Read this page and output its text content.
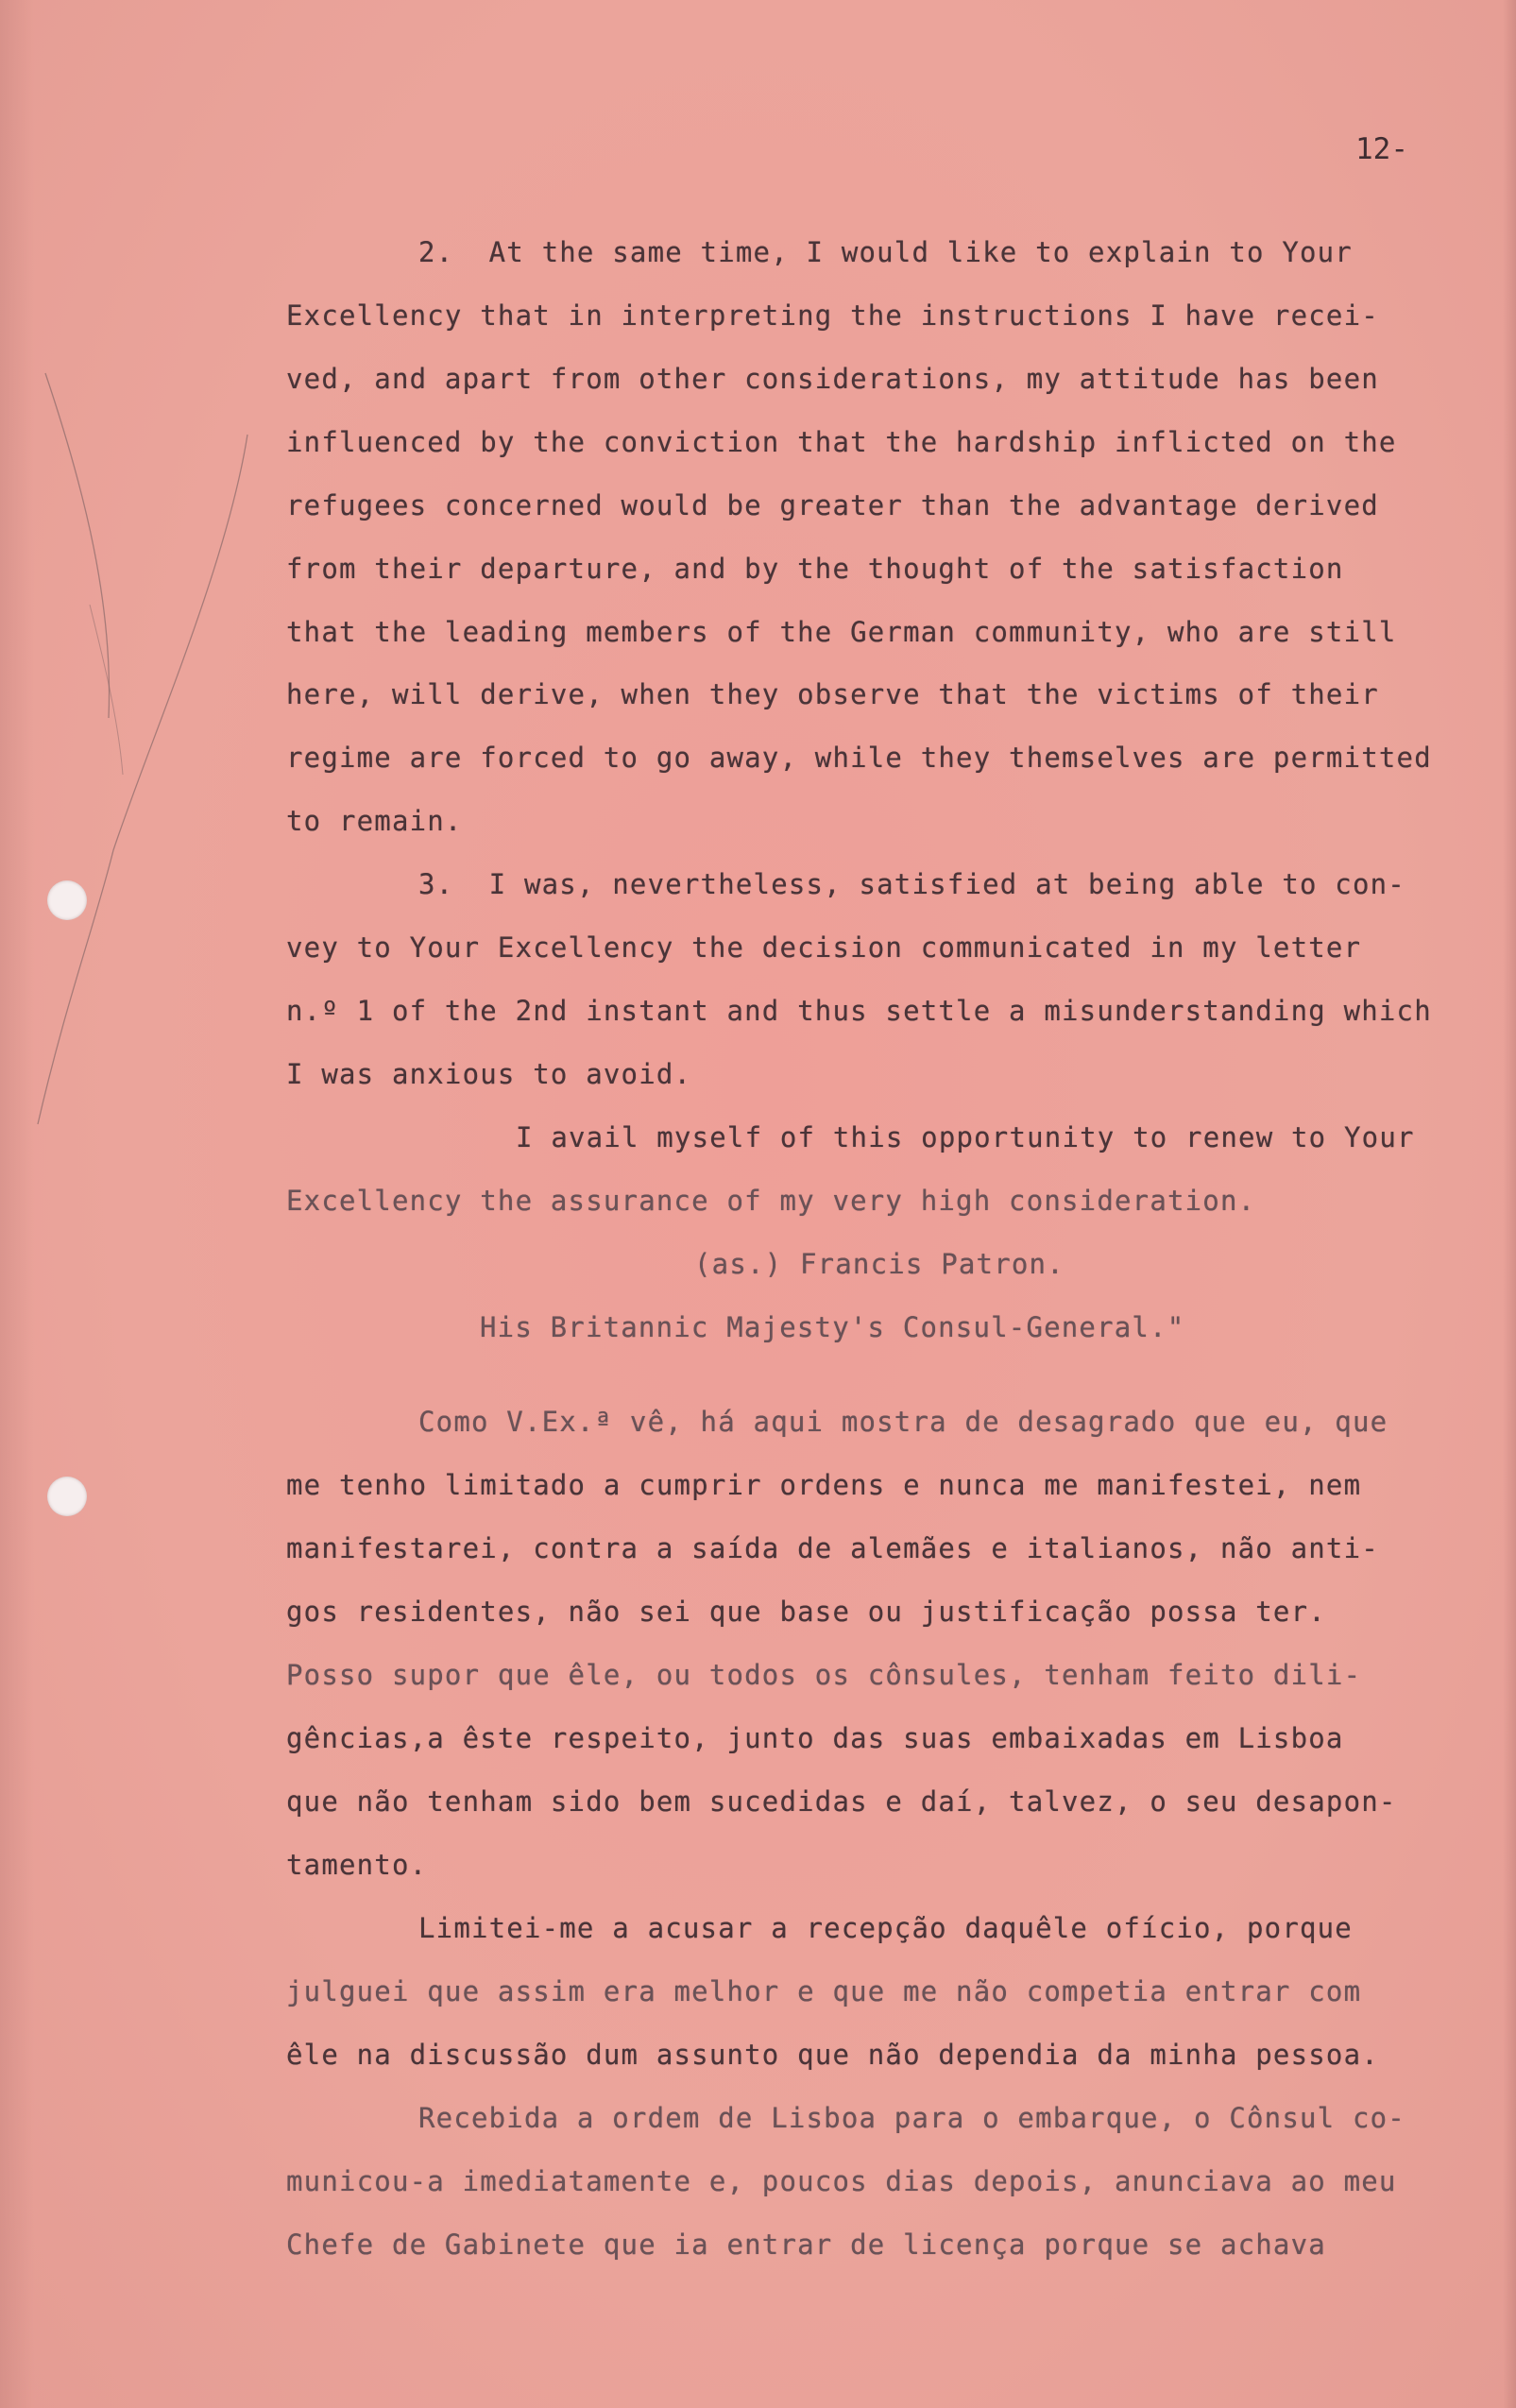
12-
2.  At the same time, I would like to explain to Your
Excellency that in interpreting the instructions I have recei-
ved, and apart from other considerations, my attitude has been
influenced by the conviction that the hardship inflicted on the
refugees concerned would be greater than the advantage derived
from their departure, and by the thought of the satisfaction
that the leading members of the German community, who are still
here, will derive, when they observe that the victims of their
regime are forced to go away, while they themselves are permitted
to remain.
3.  I was, nevertheless, satisfied at being able to con-
vey to Your Excellency the decision communicated in my letter
n.º 1 of the 2nd instant and thus settle a misunderstanding which
I was anxious to avoid.
I avail myself of this opportunity to renew to Your
Excellency the assurance of my very high consideration.
(as.) Francis Patron.
His Britannic Majesty's Consul-General."
Como V.Ex.ª vê, há aqui mostra de desagrado que eu, que
me tenho limitado a cumprir ordens e nunca me manifestei, nem
manifestarei, contra a saída de alemães e italianos, não anti-
gos residentes, não sei que base ou justificação possa ter.
Posso supor que êle, ou todos os cônsules, tenham feito dili-
gências,a êste respeito, junto das suas embaixadas em Lisboa
que não tenham sido bem sucedidas e daí, talvez, o seu desapon-
tamento.
Limitei-me a acusar a recepção daquêle ofício, porque
julguei que assim era melhor e que me não competia entrar com
êle na discussão dum assunto que não dependia da minha pessoa.
Recebida a ordem de Lisboa para o embarque, o Cônsul co-
municou-a imediatamente e, poucos dias depois, anunciava ao meu
Chefe de Gabinete que ia entrar de licença porque se achava
